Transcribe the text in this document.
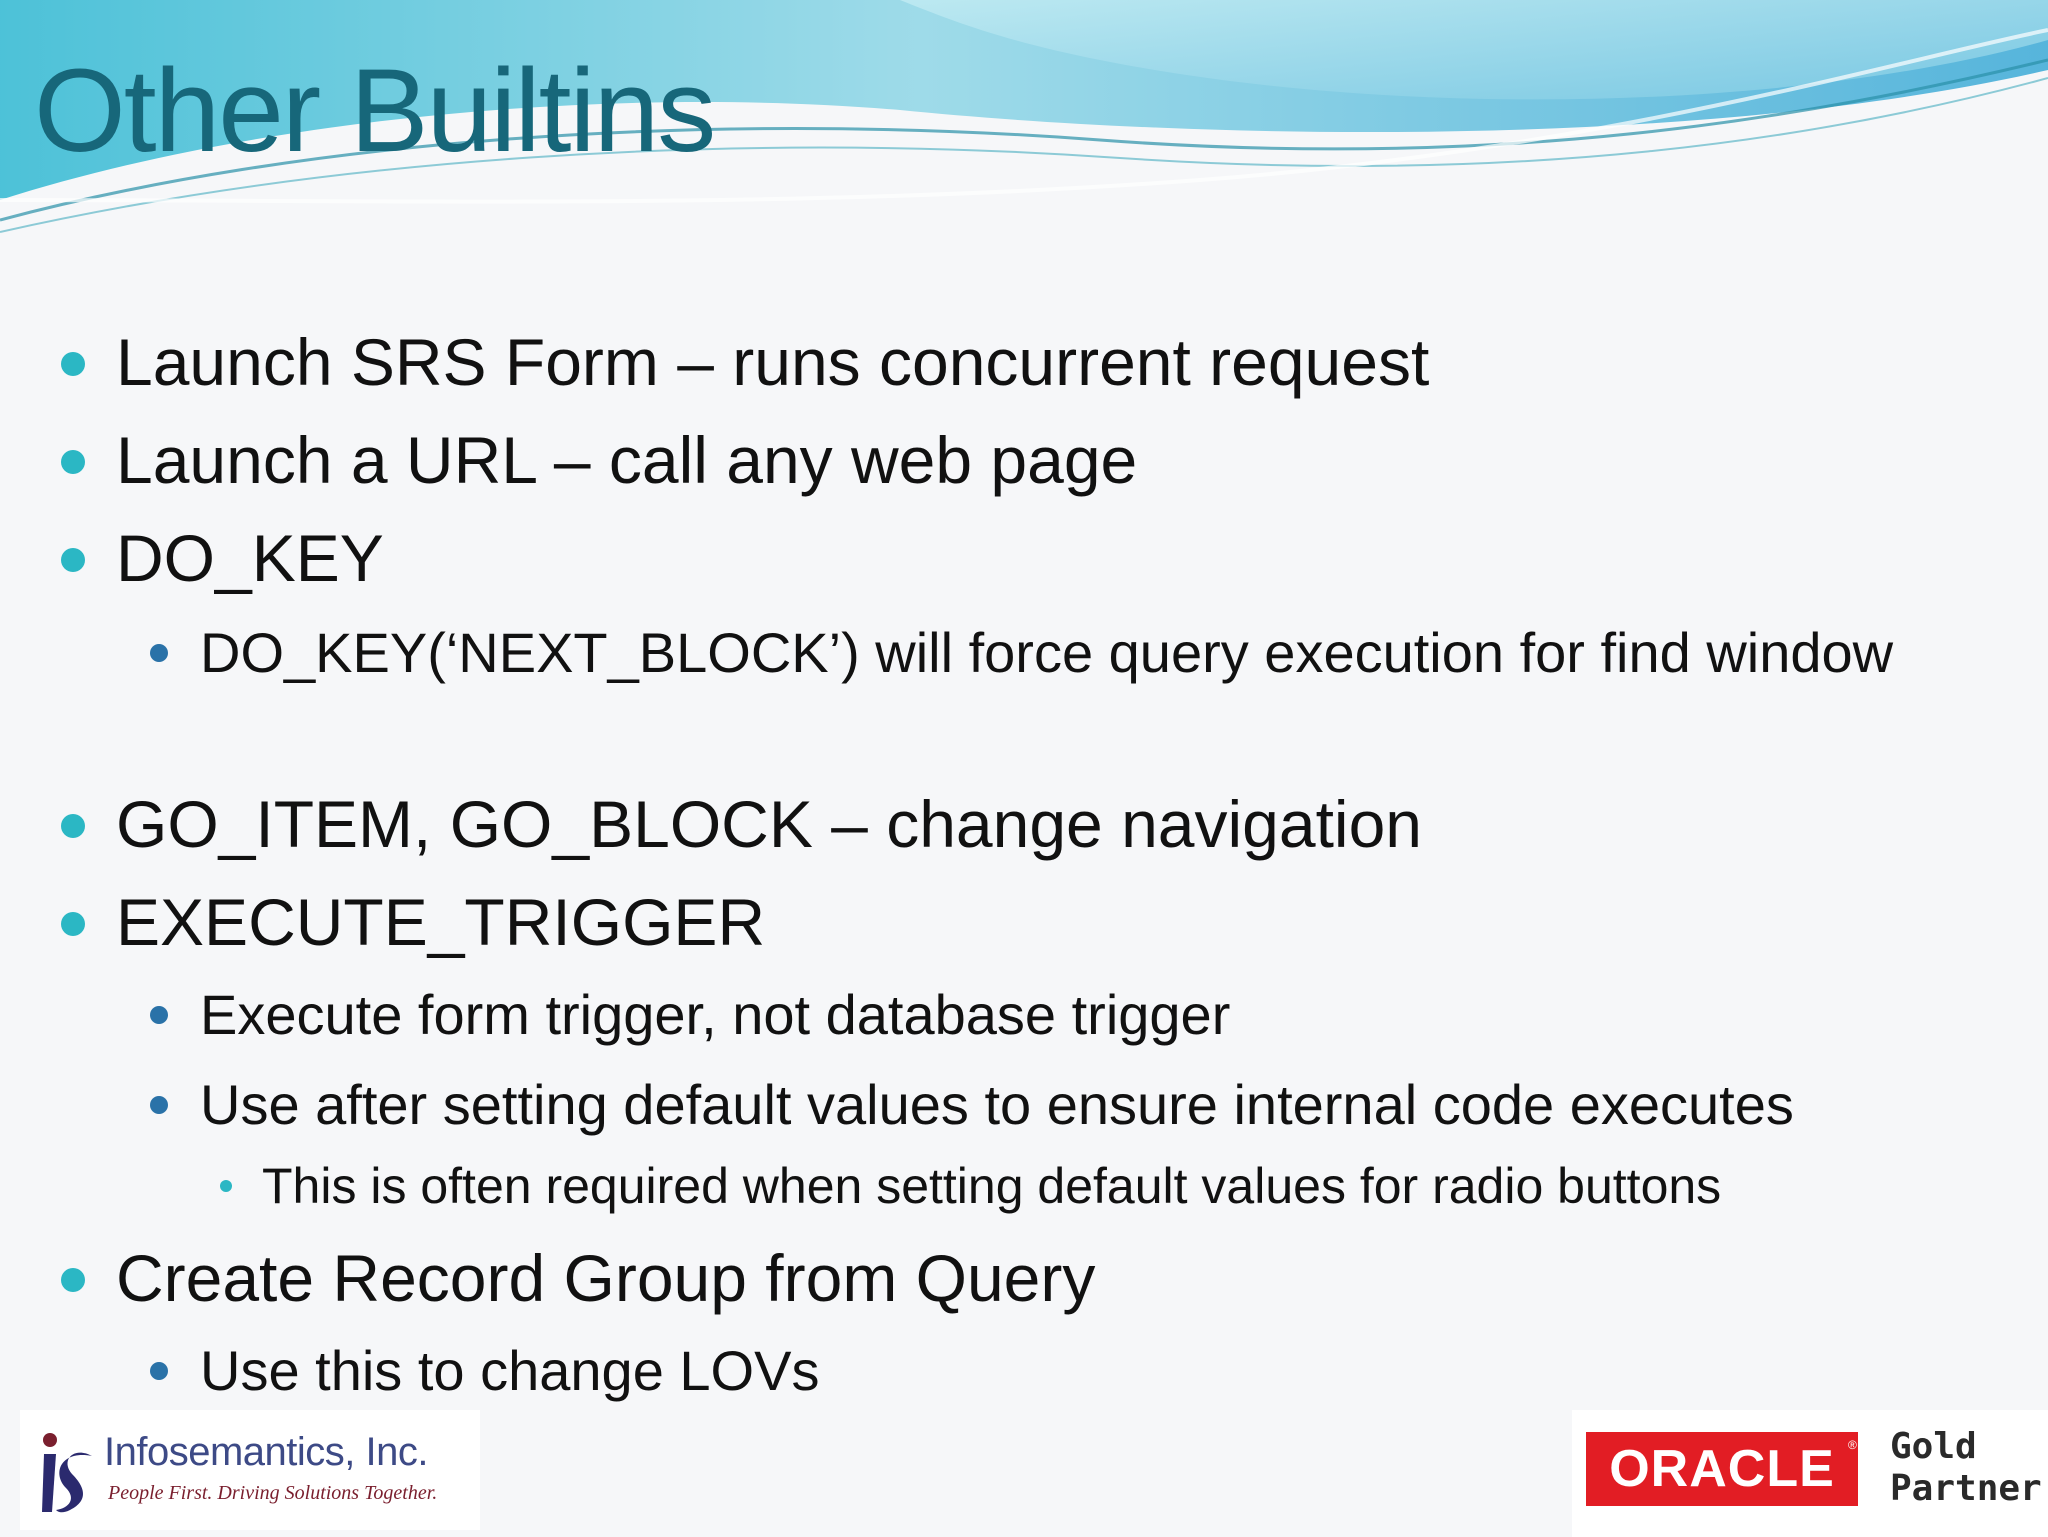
Other Builtins
Launch SRS Form – runs concurrent request
Launch a URL – call any web page
DO_KEY
DO_KEY(‘NEXT_BLOCK’) will force query execution for find window
GO_ITEM, GO_BLOCK – change navigation
EXECUTE_TRIGGER
Execute form trigger, not database trigger
Use after setting default values to ensure internal code executes
This is often required when setting default values for radio buttons
Create Record Group from Query
Use this to change LOVs
Infosemantics, Inc.
People First. Driving Solutions Together.	ORACLE	® Gold
Partner
